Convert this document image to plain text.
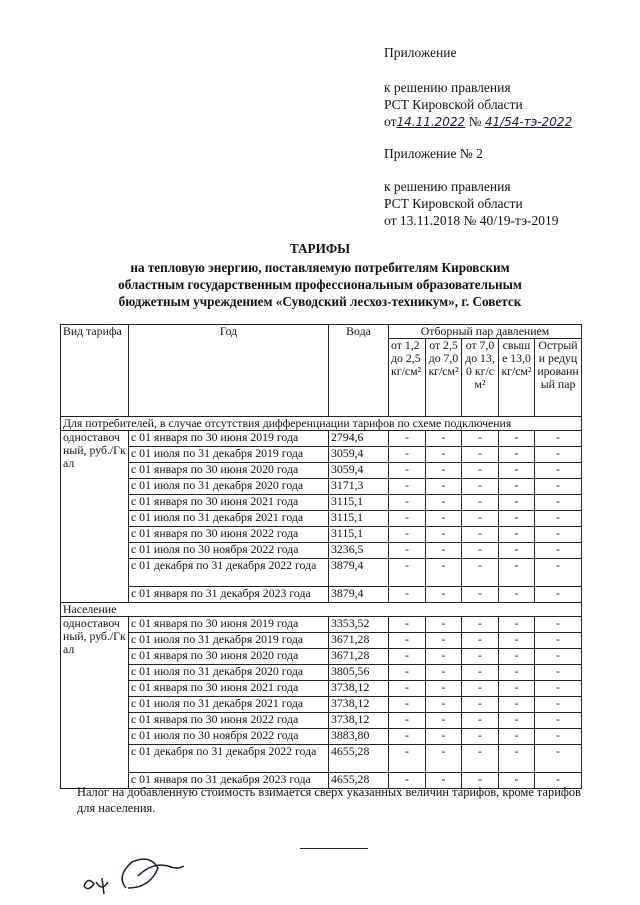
Приложение
к решению правления
РСТ Кировской области
от14.11.2022 № 41/54-тэ-2022
Приложение № 2
к решению правления
РСТ Кировской области
от 13.11.2018 № 40/19-тэ-2019
ТАРИФЫ
на тепловую энергию, поставляемую потребителям Кировским
областным государственным профессиональным образовательным
бюджетным учреждением «Суводский лесхоз-техникум», г. Советск
Вид тарифа	Год	Вода	Отборный пар давлением				
			от 1,2 до 2,5 кг/см²	от 2,5 до 7,0 кг/см²	от 7,0 до 13,0 кг/см²	свыше 13,0 кг/см²	Острый и редуцированный пар
Для потребителей, в случае отсутствия дифференциации тарифов по схеме подключения							
одноставочный, руб./Гкал	с 01 января по 30 июня 2019 года	2794,6	-	-	-	-	-
	с 01 июля по 31 декабря 2019 года	3059,4	-	-	-	-	-
	с 01 января по 30 июня 2020 года	3059,4	-	-	-	-	-
	с 01 июля по 31 декабря 2020 года	3171,3	-	-	-	-	-
	с 01 января по 30 июня 2021 года	3115,1	-	-	-	-	-
	с 01 июля по 31 декабря 2021 года	3115,1	-	-	-	-	-
	с 01 января по 30 июня 2022 года	3115,1	-	-	-	-	-
	с 01 июля по 30 ноября 2022 года	3236,5	-	-	-	-	-
	с 01 декабря по 31 декабря 2022 года	3879,4	-	-	-	-	-
	с 01 января по 31 декабря 2023 года	3879,4	-	-	-	-	-
Население							
одноставочный, руб./Гкал	с 01 января по 30 июня 2019 года	3353,52	-	-	-	-	-
	с 01 июля по 31 декабря 2019 года	3671,28	-	-	-	-	-
	с 01 января по 30 июня 2020 года	3671,28	-	-	-	-	-
	с 01 июля по 31 декабря 2020 года	3805,56	-	-	-	-	-
	с 01 января по 30 июня 2021 года	3738,12	-	-	-	-	-
	с 01 июля по 31 декабря 2021 года	3738,12	-	-	-	-	-
	с 01 января по 30 июня 2022 года	3738,12	-	-	-	-	-
	с 01 июля по 30 ноября 2022 года	3883,80	-	-	-	-	-
	с 01 декабря по 31 декабря 2022 года	4655,28	-	-	-	-	-
	с 01 января по 31 декабря 2023 года	4655,28	-	-	-	-	-
Налог на добавленную стоимость взимается сверх указанных величин тарифов, кроме тарифов для населения.
